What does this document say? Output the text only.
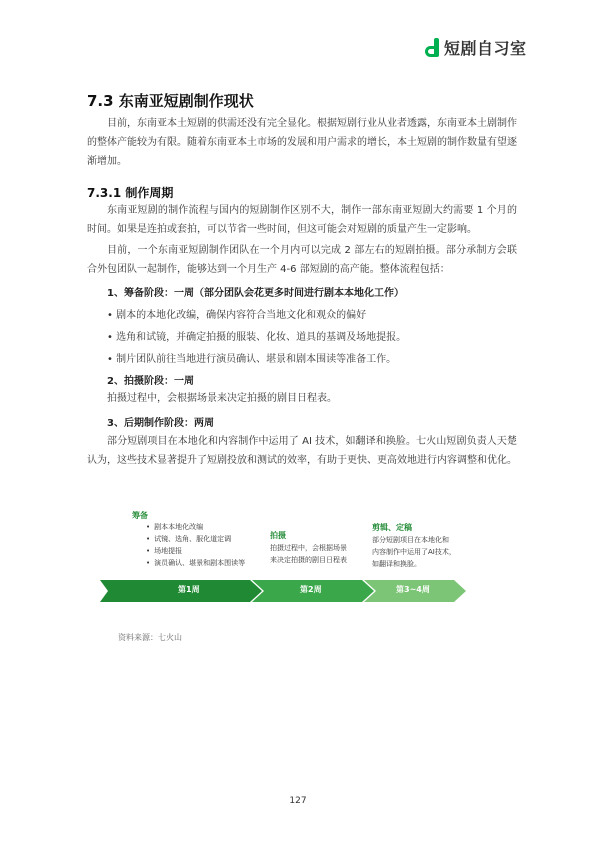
短剧自习室
7.3 东南亚短剧制作现状
目前，东南亚本土短剧的供需还没有完全显化。根据短剧行业从业者透露，东南亚本土剧制作的整体产能较为有限。随着东南亚本土市场的发展和用户需求的增长，本土短剧的制作数量有望逐渐增加。
7.3.1 制作周期
东南亚短剧的制作流程与国内的短剧制作区别不大，制作一部东南亚短剧大约需要 1 个月的时间。如果是连拍或套拍，可以节省一些时间，但这可能会对短剧的质量产生一定影响。
目前，一个东南亚短剧制作团队在一个月内可以完成 2 部左右的短剧拍摄。部分承制方会联合外包团队一起制作，能够达到一个月生产 4-6 部短剧的高产能。整体流程包括：
1、筹备阶段：一周（部分团队会花更多时间进行剧本本地化工作）
• 剧本的本地化改编，确保内容符合当地文化和观众的偏好
• 选角和试镜，并确定拍摄的服装、化妆、道具的基调及场地提报。
• 制片团队前往当地进行演员确认、堪景和剧本围读等准备工作。
2、拍摄阶段：一周
拍摄过程中，会根据场景来决定拍摄的剧目日程表。
3、后期制作阶段：两周
部分短剧项目在本地化和内容制作中运用了 AI 技术，如翻译和换脸。七火山短剧负责人天楚认为，这些技术显著提升了短剧投放和测试的效率，有助于更快、更高效地进行内容调整和优化。
筹备
• 剧本本地化改编
• 试镜、选角、服化道定调
• 场地提报
• 演员确认、堪景和剧本围读等
拍摄
拍摄过程中，会根据场景
来决定拍摄的剧目日程表
剪辑、定稿
部分短剧项目在本地化和
内容制作中运用了AI技术，
如翻译和换脸。
第1周	第2周	第3~4周
资料来源：七火山
127
